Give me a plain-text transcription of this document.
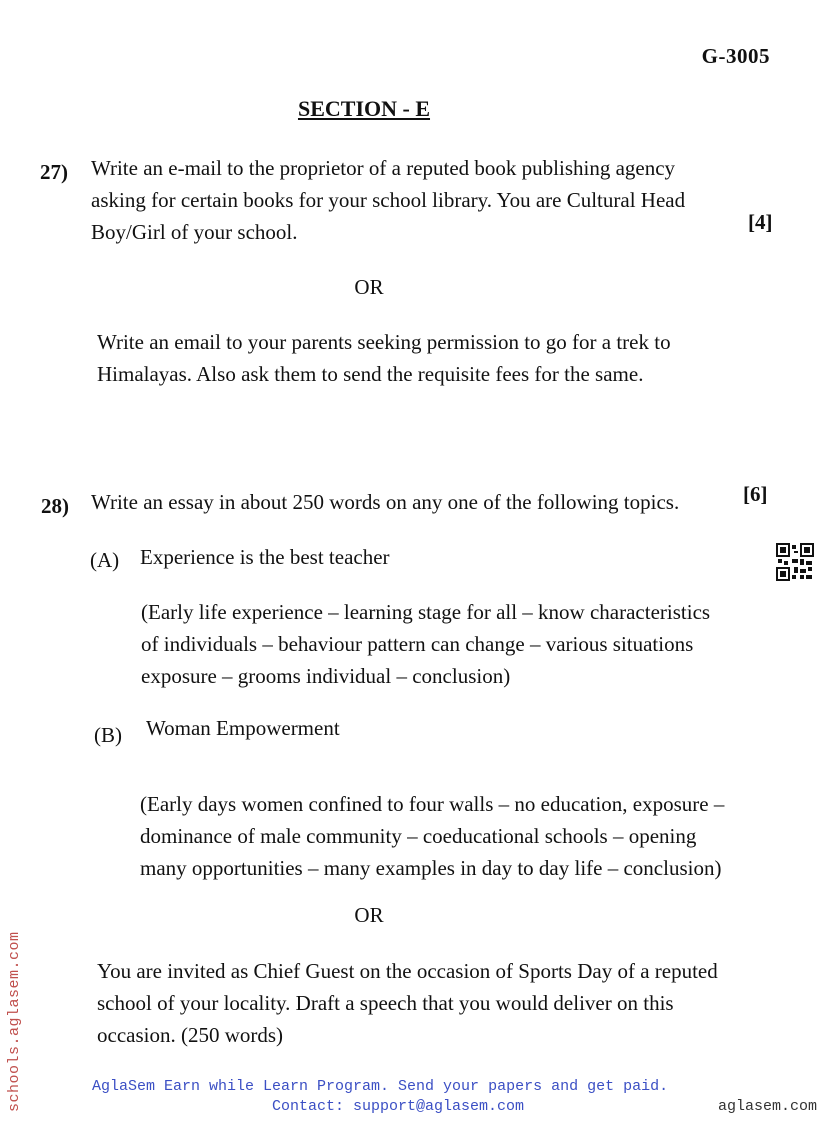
G-3005
SECTION - E
27) Write an e-mail to the proprietor of a reputed book publishing agency asking for certain books for your school library. You are Cultural Head Boy/Girl of your school.	[4]
OR
Write an email to your parents seeking permission to go for a trek to Himalayas. Also ask them to send the requisite fees for the same.
28) Write an essay in about 250 words on any one of the following topics.	[6]
(A) Experience is the best teacher
(Early life experience – learning stage for all – know characteristics of individuals – behaviour pattern can change – various situations exposure – grooms individual – conclusion)
(B) Woman Empowerment
(Early days women confined to four walls – no education, exposure – dominance of male community – coeducational schools – opening many opportunities – many examples in day to day life – conclusion)
OR
You are invited as Chief Guest on the occasion of Sports Day of a reputed school of your locality. Draft a speech that you would deliver on this occasion. (250 words)
schools.aglasem.com	AglaSem Earn while Learn Program. Send your papers and get paid.
Contact: support@aglasem.com	aglasem.com
